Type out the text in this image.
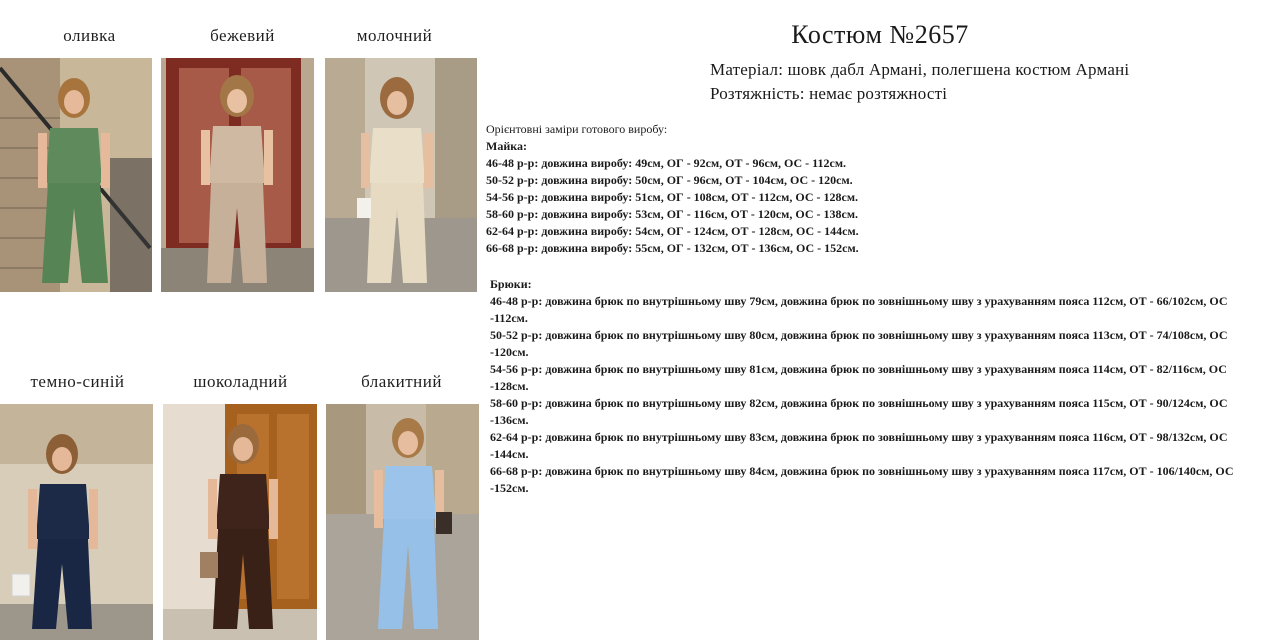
оливка	бежевий	молочний
темно-синій	шоколадний	блакитний
Костюм №2657
Матеріал: шовк дабл Армані, полегшена костюм Армані
Розтяжність: немає розтяжності
Орієнтовні заміри готового виробу:
Майка:
46-48 р-р: довжина виробу: 49см, ОГ - 92см, ОТ - 96см, ОС - 112см.
50-52 р-р: довжина виробу: 50см, ОГ - 96см, ОТ - 104см, ОС - 120см.
54-56 р-р: довжина виробу: 51см, ОГ - 108см, ОТ - 112см, ОС - 128см.
58-60 р-р: довжина виробу: 53см, ОГ - 116см, ОТ - 120см, ОС - 138см.
62-64 р-р: довжина виробу: 54см, ОГ - 124см, ОТ - 128см, ОС - 144см.
66-68 р-р: довжина виробу: 55см, ОГ - 132см, ОТ - 136см, ОС - 152см.
Брюки:
46-48 р-р: довжина брюк по внутрішньому шву 79см, довжина брюк по зовнішньому шву з урахуванням пояса 112см, ОТ - 66/102см, ОС -112см.
50-52 р-р: довжина брюк по внутрішньому шву 80см, довжина брюк по зовнішньому шву з урахуванням пояса 113см, ОТ - 74/108см, ОС -120см.
54-56 р-р: довжина брюк по внутрішньому шву 81см, довжина брюк по зовнішньому шву з урахуванням пояса 114см, ОТ - 82/116см, ОС -128см.
58-60 р-р: довжина брюк по внутрішньому шву 82см, довжина брюк по зовнішньому шву з урахуванням пояса 115см, ОТ - 90/124см, ОС -136см.
62-64 р-р: довжина брюк по внутрішньому шву 83см, довжина брюк по зовнішньому шву з урахуванням пояса 116см, ОТ - 98/132см, ОС -144см.
66-68 р-р: довжина брюк по внутрішньому шву 84см, довжина брюк по зовнішньому шву з урахуванням пояса 117см, ОТ - 106/140см, ОС -152см.
